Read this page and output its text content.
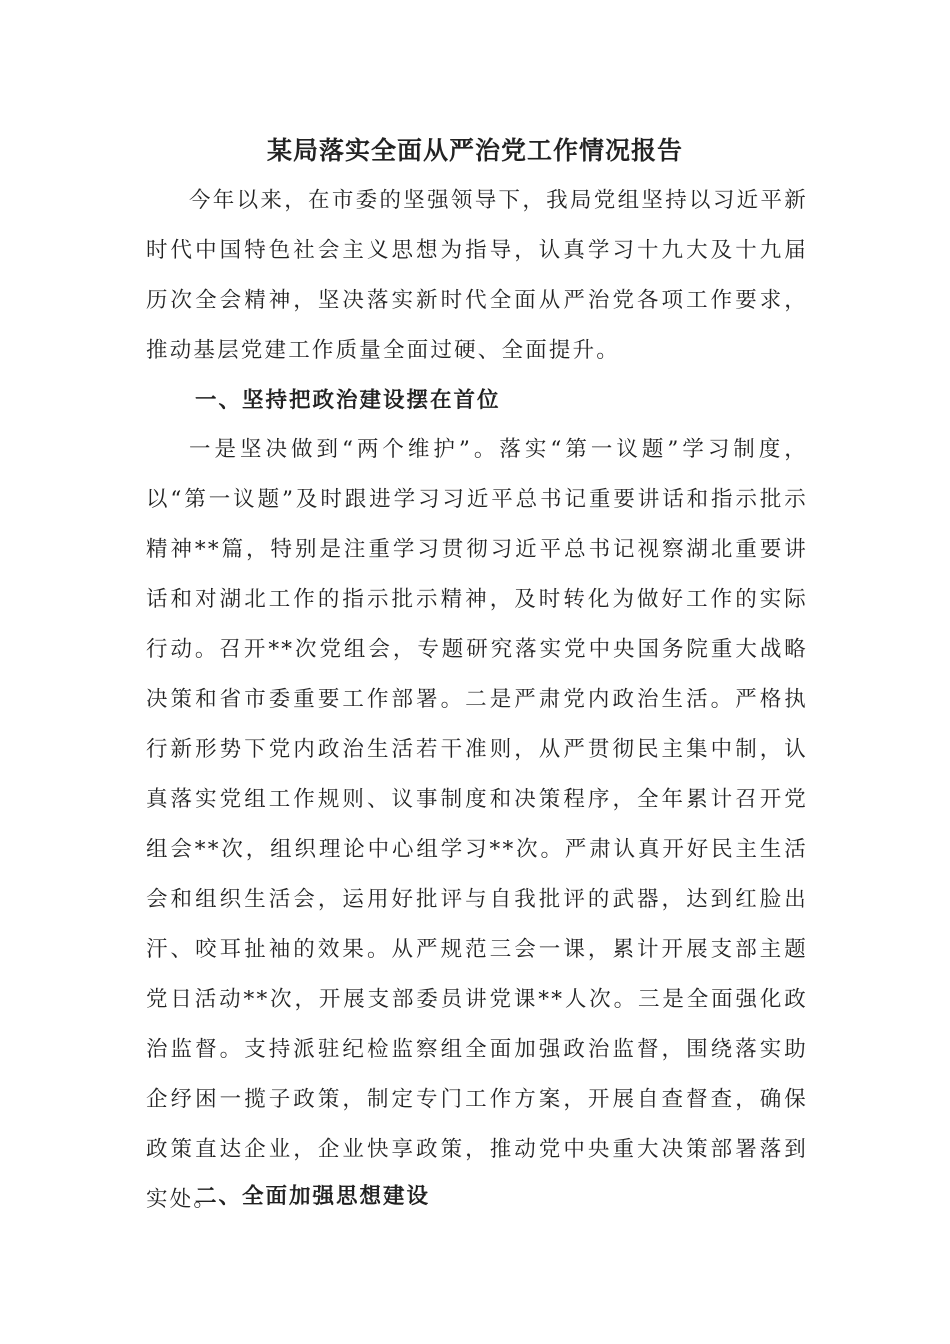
某局落实全面从严治党工作情况报告

今年以来，在市委的坚强领导下，我局党组坚持以习近平新时代中国特色社会主义思想为指导，认真学习十九大及十九届历次全会精神，坚决落实新时代全面从严治党各项工作要求，推动基层党建工作质量全面过硬、全面提升。

一、坚持把政治建设摆在首位

一是坚决做到“两个维护”。落实“第一议题”学习制度，以“第一议题”及时跟进学习习近平总书记重要讲话和指示批示精神**篇，特别是注重学习贯彻习近平总书记视察湖北重要讲话和对湖北工作的指示批示精神，及时转化为做好工作的实际行动。召开**次党组会，专题研究落实党中央国务院重大战略决策和省市委重要工作部署。二是严肃党内政治生活。严格执行新形势下党内政治生活若干准则，从严贯彻民主集中制，认真落实党组工作规则、议事制度和决策程序，全年累计召开党组会**次，组织理论中心组学习**次。严肃认真开好民主生活会和组织生活会，运用好批评与自我批评的武器，达到红脸出汗、咬耳扯袖的效果。从严规范三会一课，累计开展支部主题党日活动**次，开展支部委员讲党课**人次。三是全面强化政治监督。支持派驻纪检监察组全面加强政治监督，围绕落实助企纾困一揽子政策，制定专门工作方案，开展自查督查，确保政策直达企业，企业快享政策，推动党中央重大决策部署落到实处。

二、全面加强思想建设
